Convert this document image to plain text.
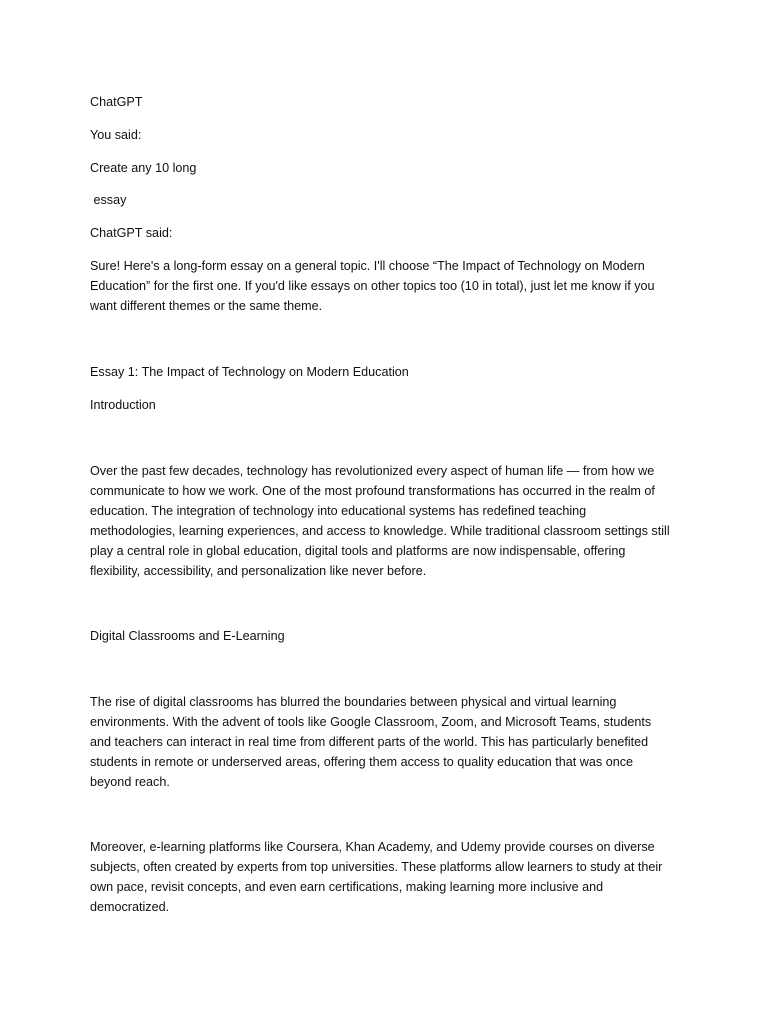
ChatGPT

You said:

Create any 10 long

essay

ChatGPT said:

Sure! Here's a long-form essay on a general topic. I'll choose “The Impact of Technology on Modern
Education” for the first one. If you'd like essays on other topics too (10 in total), just let me know if you
want different themes or the same theme.

Essay 1: The Impact of Technology on Modern Education

Introduction

Over the past few decades, technology has revolutionized every aspect of human life — from how we
communicate to how we work. One of the most profound transformations has occurred in the realm of
education. The integration of technology into educational systems has redefined teaching
methodologies, learning experiences, and access to knowledge. While traditional classroom settings still
play a central role in global education, digital tools and platforms are now indispensable, offering
flexibility, accessibility, and personalization like never before.

Digital Classrooms and E-Learning

The rise of digital classrooms has blurred the boundaries between physical and virtual learning
environments. With the advent of tools like Google Classroom, Zoom, and Microsoft Teams, students
and teachers can interact in real time from different parts of the world. This has particularly benefited
students in remote or underserved areas, offering them access to quality education that was once
beyond reach.
Moreover, e-learning platforms like Coursera, Khan Academy, and Udemy provide courses on diverse
subjects, often created by experts from top universities. These platforms allow learners to study at their
own pace, revisit concepts, and even earn certifications, making learning more inclusive and
democratized.
